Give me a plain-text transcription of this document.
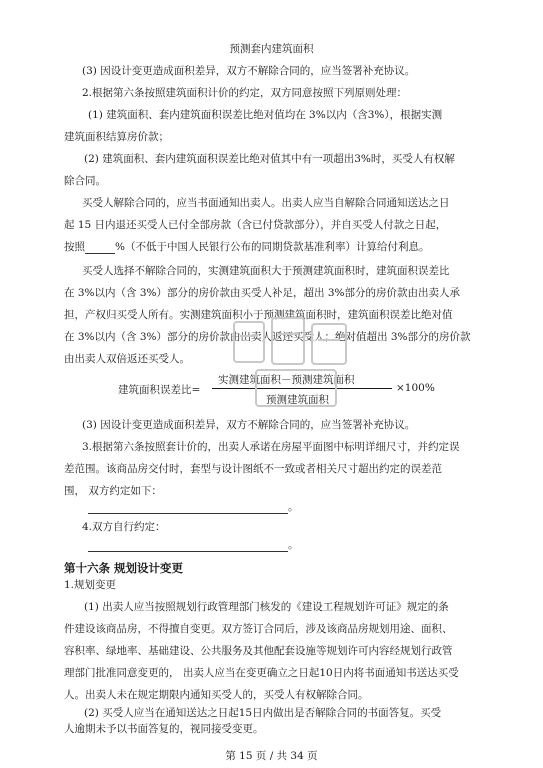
预测套内建筑面积
(3) 因设计变更造成面积差异，双方不解除合同的，应当签署补充协议。
2.根据第六条按照建筑面积计价的约定，双方同意按照下列原则处理：
(1) 建筑面积、套内建筑面积误差比绝对值均在 3%以内（含3%），根据实测
建筑面积结算房价款；
(2) 建筑面积、套内建筑面积误差比绝对值其中有一项超出3%时，买受人有权解
除合同。
买受人解除合同的，应当书面通知出卖人。出卖人应当自解除合同通知送达之日
起 15 日内退还买受人已付全部房款（含已付贷款部分），并自买受人付款之日起，
按照	%（不低于中国人民银行公布的同期贷款基准利率）计算给付利息。
买受人选择不解除合同的，实测建筑面积大于预测建筑面积时，建筑面积误差比
在 3%以内（含 3%）部分的房价款由买受人补足，超出 3%部分的房价款由出卖人承
担，产权归买受人所有。实测建筑面积小于预测建筑面积时，建筑面积误差比绝对值
在 3%以内（含 3%）部分的房价款由出卖人返还买受人；绝对值超出 3%部分的房价款
由出卖人双倍返还买受人。
建筑面积误差比=
实测建筑面积－预测建筑面积
预测建筑面积
×100%
(3) 因设计变更造成面积差异，双方不解除合同的，应当签署补充协议。
3.根据第六条按照套计价的，出卖人承诺在房屋平面图中标明详细尺寸，并约定误
差范围。该商品房交付时，套型与设计图纸不一致或者相关尺寸超出约定的误差范
围， 双方约定如下：
。
4.双方自行约定：
。
第十六条 规划设计变更
1.规划变更
(1) 出卖人应当按照规划行政管理部门核发的《建设工程规划许可证》规定的条
件建设该商品房，不得擅自变更。双方签订合同后，涉及该商品房规划用途、面积、
容积率、绿地率、基础建设、公共服务及其他配套设施等规划许可内容经规划行政管
理部门批准同意变更的， 出卖人应当在变更确立之日起10日内将书面通知书送达买受
人。出卖人未在规定期限内通知买受人的，买受人有权解除合同。
(2) 买受人应当在通知送达之日起15日内做出是否解除合同的书面答复。买受
人逾期未予以书面答复的，视同接受变更。
第 15 页 / 共 34 页
